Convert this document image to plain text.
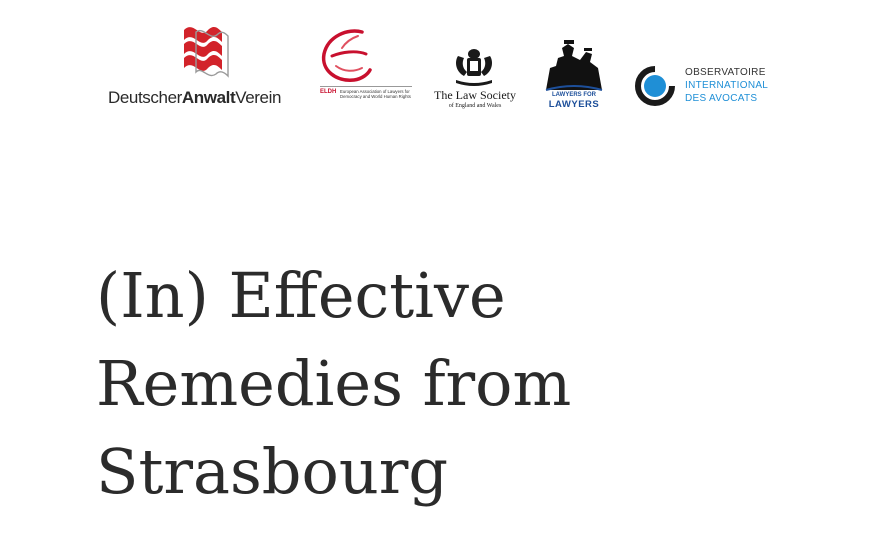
DeutscherAnwaltVerein	ELDH European Association of Lawyers for Democracy and World Human Rights	The Law Society
of England and Wales
LAWYERS FOR
LAWYERS
OBSERVATOIRE
INTERNATIONAL
DES AVOCATS
(In) Effective
Remedies from
Strasbourg
